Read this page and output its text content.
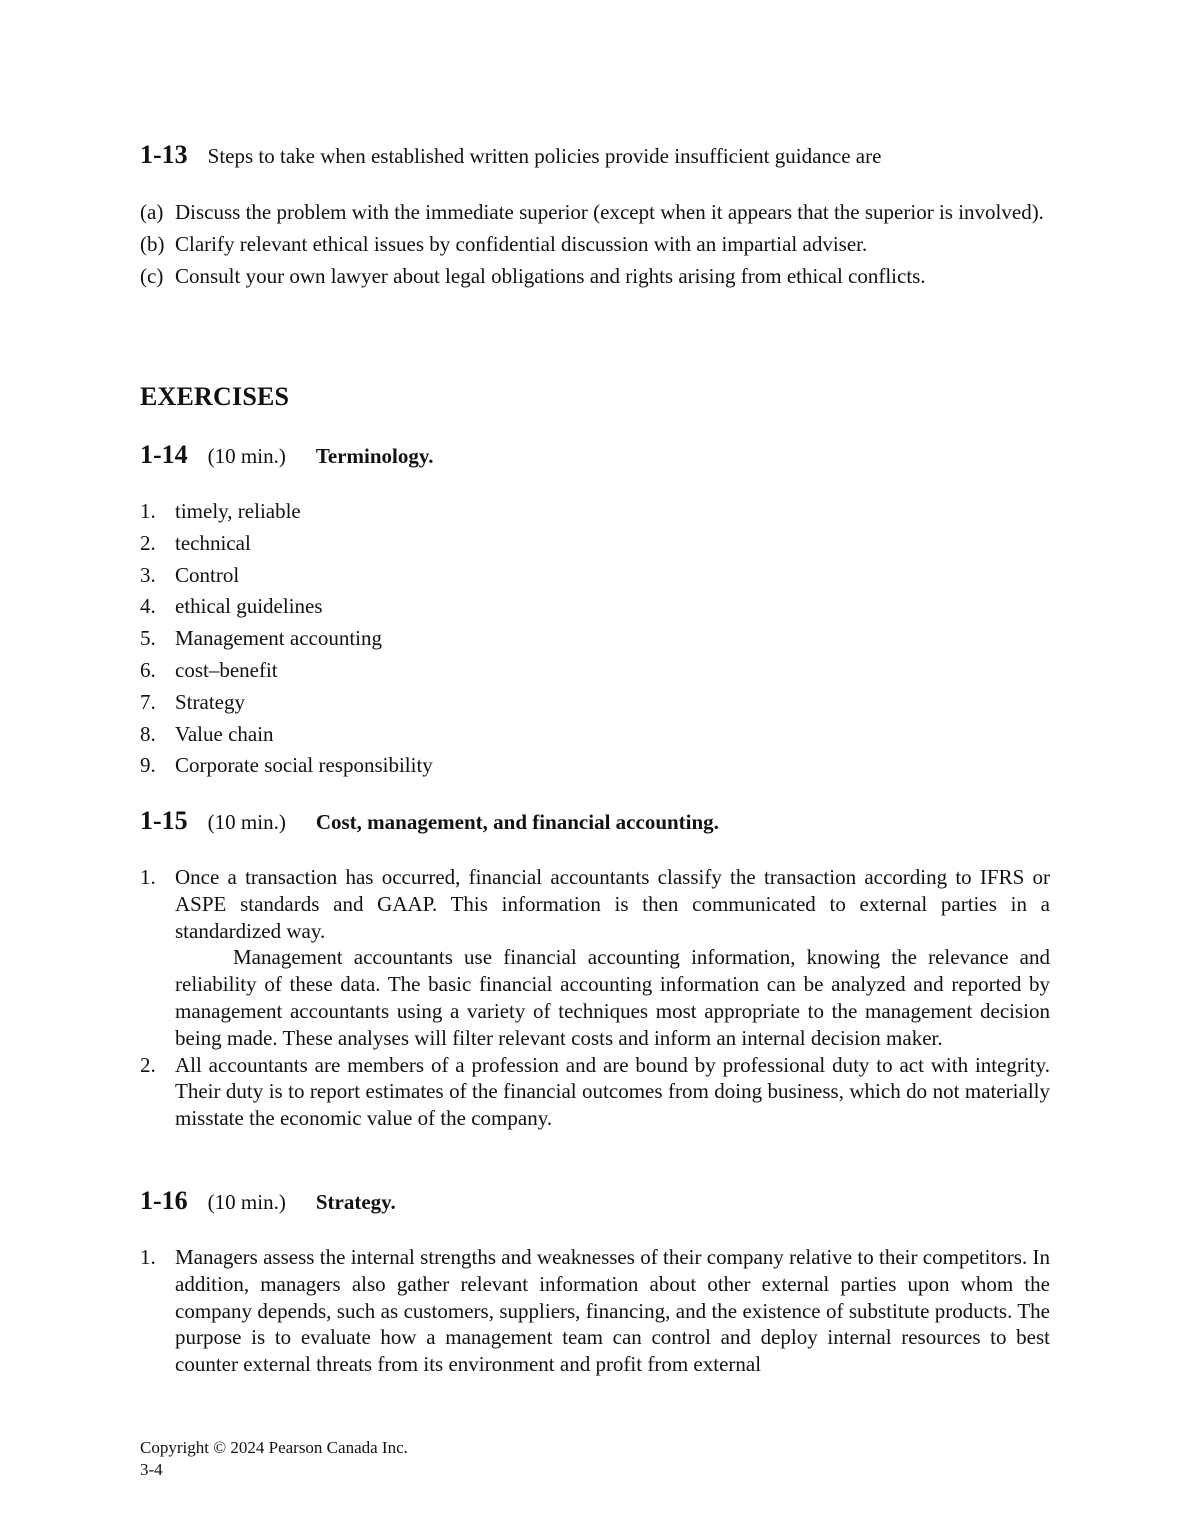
1-13 Steps to take when established written policies provide insufficient guidance are
(a) Discuss the problem with the immediate superior (except when it appears that the superior is involved).
(b) Clarify relevant ethical issues by confidential discussion with an impartial adviser.
(c) Consult your own lawyer about legal obligations and rights arising from ethical conflicts.
EXERCISES
1-14 (10 min.) Terminology.
1. timely, reliable
2. technical
3. Control
4. ethical guidelines
5. Management accounting
6. cost–benefit
7. Strategy
8. Value chain
9. Corporate social responsibility
1-15 (10 min.) Cost, management, and financial accounting.
1. Once a transaction has occurred, financial accountants classify the transaction according to IFRS or ASPE standards and GAAP. This information is then communicated to external parties in a standardized way.

Management accountants use financial accounting information, knowing the relevance and reliability of these data. The basic financial accounting information can be analyzed and reported by management accountants using a variety of techniques most appropriate to the management decision being made. These analyses will filter relevant costs and inform an internal decision maker.

2. All accountants are members of a profession and are bound by professional duty to act with integrity. Their duty is to report estimates of the financial outcomes from doing business, which do not materially misstate the economic value of the company.

1-16 (10 min.) Strategy.
1. Managers assess the internal strengths and weaknesses of their company relative to their competitors. In addition, managers also gather relevant information about other external parties upon whom the company depends, such as customers, suppliers, financing, and the existence of substitute products. The purpose is to evaluate how a management team can control and deploy internal resources to best counter external threats from its environment and profit from external

Copyright © 2024 Pearson Canada Inc.
3-4
